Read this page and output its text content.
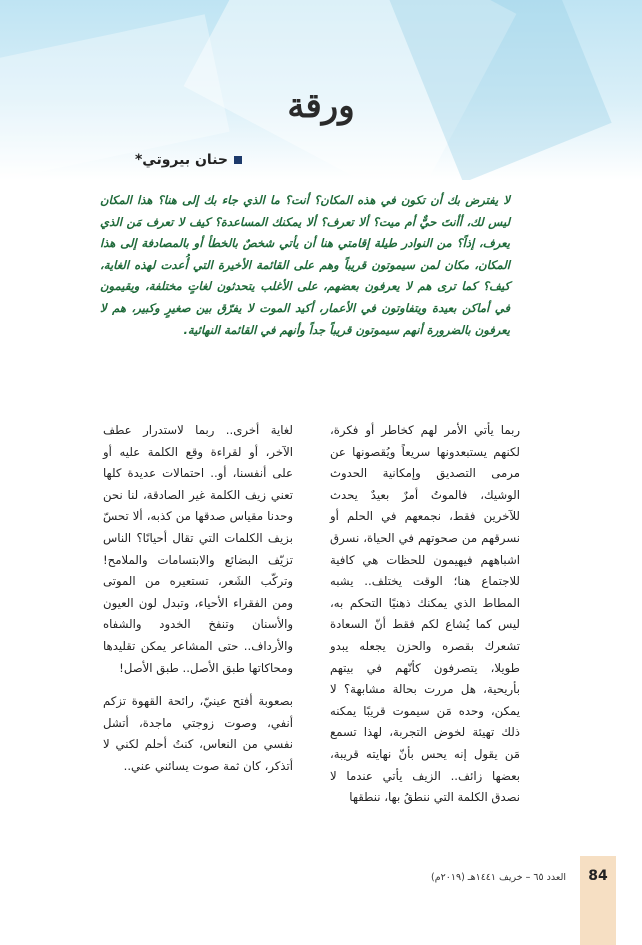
ورقة
حنان بيروتي*
لا يفترض بك أن تكون في هذه المكان؟ أنت؟ ما الذي جاء بك إلى هنا؟ هذا المكان ليس لك، أأنتَ حيٌّ أم ميت؟ ألا تعرف؟ ألا يمكنك المساعدة؟ كيف لا تعرف مَن الذي يعرف، إذاً؟ من النوادر طيلة إقامتي هنا أن يأتي شخصٌ بالخطأ أو بالمصادفة إلى هذا المكان، مكان لمن سيموتون قريباً وهم على القائمة الأخيرة التي أُعدت لهذه الغاية، كيف؟ كما ترى هم لا يعرفون بعضهم، على الأغلب يتحدثون لغاتٍ مختلفة، ويقيمون في أماكن بعيدة ويتفاوتون في الأعمار، أكيد الموت لا يفرّق بين صغيرٍ وكبير، هم لا يعرفون بالضرورة أنهم سيموتون قريباً جداً وأنهم في القائمة النهائية.

ربما يأتي الأمر لهم كخاطر أو فكرة، لكنهم يستبعدونها سريعاً ويُقصونها عن مرمى التصديق وإمكانية الحدوث الوشيك، فالموتُ أمرٌ بعيدٌ يحدث للآخرين فقط، نجمعهم في الحلم أو نسرقهم من صحوتهم في الحياة، نسرق اشباههم فيهيمون للحظات هي كافية للاجتماع هنا؛ الوقت يختلف.. يشبه المطاط الذي يمكنك ذهنيًا التحكم به، ليس كما يُشاع لكم فقط أنّ السعادة تشعرك بقصره والحزن يجعله يبدو طويلا، يتصرفون كأنّهم في بيتهم بأريحية، هل مررت بحالة مشابهة؟ لا يمكن، وحده مَن سيموت قريبًا يمكنه ذلك تهيئة لخوض التجربة، لهذا تسمع مَن يقول إنه يحس بأنّ نهايته قريبة، بعضها زائف.. الزيف يأتي عندما لا نصدق الكلمة التي ننطقُ بها، ننطقها

لغاية أخرى.. ربما لاستدرار عطف الآخر، أو لقراءة وقع الكلمة عليه أو على أنفسنا، أو.. احتمالات عديدة كلها تعني زيف الكلمة غير الصادقة، لنا نحن وحدنا مقياس صدقها من كذبه، ألا تحسّ بزيف الكلمات التي تقال أحيانًا؟ الناس تزيّف البضائع والابتسامات والملامح! وتركّب الشَعر، تستعيره من الموتى ومن الفقراء الأحياء، وتبدل لون العيون والأسنان وتنفخ الخدود والشفاه والأرداف.. حتى المشاعر يمكن تقليدها ومحاكاتها طبق الأصل.. طبق الأصل!

بصعوبة أفتح عينيّ، رائحة القهوة تزكم أنفي، وصوت زوجتي ماجدة، أتشل نفسي من النعاس، كنتُ أحلم لكني لا أتذكر، كان ثمة صوت يسائني عني..

84
العدد ٦٥ – خريف ١٤٤١هـ (٢٠١٩م)
